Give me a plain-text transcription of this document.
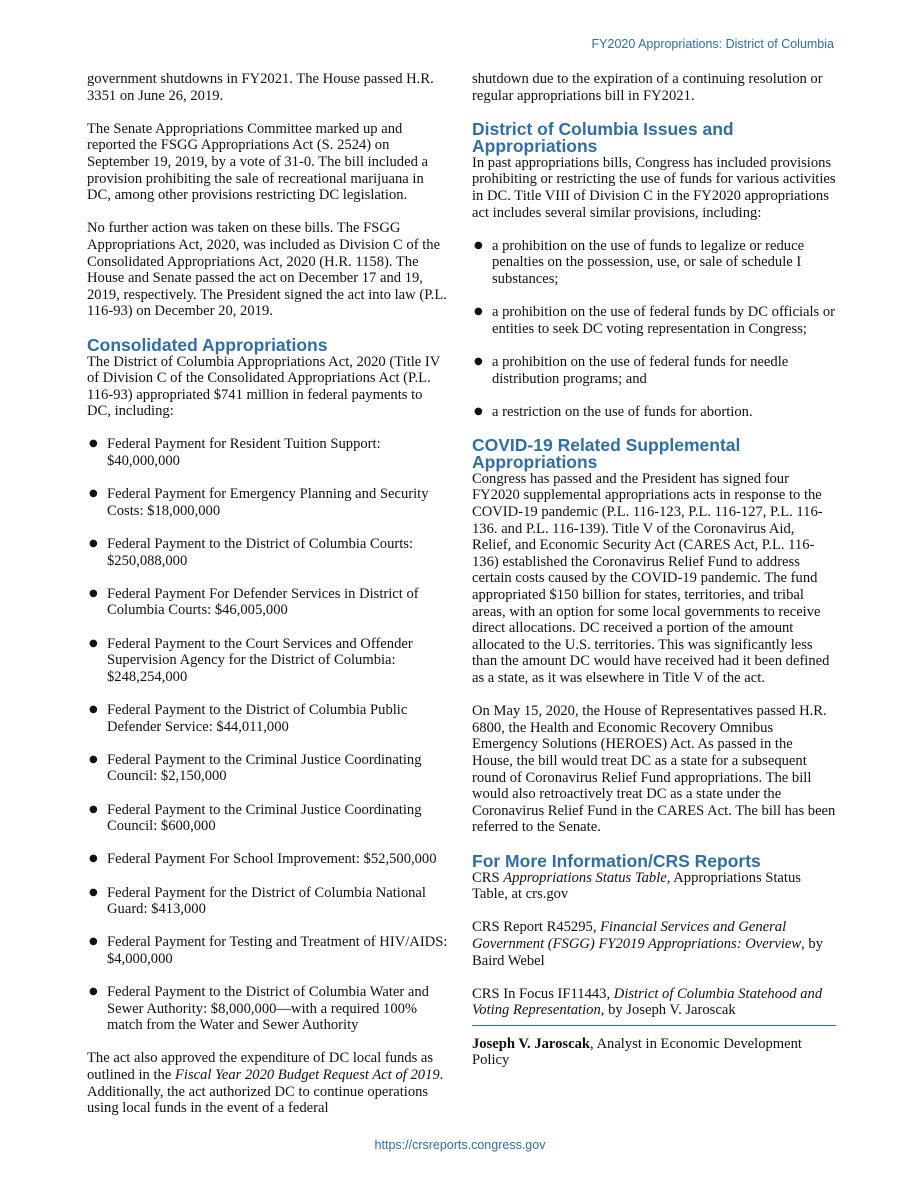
FY2020 Appropriations: District of Columbia

government shutdowns in FY2021. The House passed H.R. 3351 on June 26, 2019.

The Senate Appropriations Committee marked up and reported the FSGG Appropriations Act (S. 2524) on September 19, 2019, by a vote of 31-0. The bill included a provision prohibiting the sale of recreational marijuana in DC, among other provisions restricting DC legislation.

No further action was taken on these bills. The FSGG Appropriations Act, 2020, was included as Division C of the Consolidated Appropriations Act, 2020 (H.R. 1158). The House and Senate passed the act on December 17 and 19, 2019, respectively. The President signed the act into law (P.L. 116-93) on December 20, 2019.

Consolidated Appropriations

The District of Columbia Appropriations Act, 2020 (Title IV of Division C of the Consolidated Appropriations Act (P.L. 116-93) appropriated $741 million in federal payments to DC, including:

● Federal Payment for Resident Tuition Support: $40,000,000
● Federal Payment for Emergency Planning and Security Costs: $18,000,000
● Federal Payment to the District of Columbia Courts: $250,088,000
● Federal Payment For Defender Services in District of Columbia Courts: $46,005,000
● Federal Payment to the Court Services and Offender Supervision Agency for the District of Columbia: $248,254,000
● Federal Payment to the District of Columbia Public Defender Service: $44,011,000
● Federal Payment to the Criminal Justice Coordinating Council: $2,150,000
● Federal Payment to the Criminal Justice Coordinating Council: $600,000
● Federal Payment For School Improvement: $52,500,000
● Federal Payment for the District of Columbia National Guard: $413,000
● Federal Payment for Testing and Treatment of HIV/AIDS: $4,000,000
● Federal Payment to the District of Columbia Water and Sewer Authority: $8,000,000—with a required 100% match from the Water and Sewer Authority

The act also approved the expenditure of DC local funds as outlined in the Fiscal Year 2020 Budget Request Act of 2019. Additionally, the act authorized DC to continue operations using local funds in the event of a federal

shutdown due to the expiration of a continuing resolution or regular appropriations bill in FY2021.

District of Columbia Issues and Appropriations

In past appropriations bills, Congress has included provisions prohibiting or restricting the use of funds for various activities in DC. Title VIII of Division C in the FY2020 appropriations act includes several similar provisions, including:

● a prohibition on the use of funds to legalize or reduce penalties on the possession, use, or sale of schedule I substances;
● a prohibition on the use of federal funds by DC officials or entities to seek DC voting representation in Congress;
● a prohibition on the use of federal funds for needle distribution programs; and
● a restriction on the use of funds for abortion.
COVID-19 Related Supplemental Appropriations

Congress has passed and the President has signed four FY2020 supplemental appropriations acts in response to the COVID-19 pandemic (P.L. 116-123, P.L. 116-127, P.L. 116-136. and P.L. 116-139). Title V of the Coronavirus Aid, Relief, and Economic Security Act (CARES Act, P.L. 116-136) established the Coronavirus Relief Fund to address certain costs caused by the COVID-19 pandemic. The fund appropriated $150 billion for states, territories, and tribal areas, with an option for some local governments to receive direct allocations. DC received a portion of the amount allocated to the U.S. territories. This was significantly less than the amount DC would have received had it been defined as a state, as it was elsewhere in Title V of the act.

On May 15, 2020, the House of Representatives passed H.R. 6800, the Health and Economic Recovery Omnibus Emergency Solutions (HEROES) Act. As passed in the House, the bill would treat DC as a state for a subsequent round of Coronavirus Relief Fund appropriations. The bill would also retroactively treat DC as a state under the Coronavirus Relief Fund in the CARES Act. The bill has been referred to the Senate.

For More Information/CRS Reports

CRS Appropriations Status Table, Appropriations Status Table, at crs.gov

CRS Report R45295, Financial Services and General Government (FSGG) FY2019 Appropriations: Overview, by Baird Webel

CRS In Focus IF11443, District of Columbia Statehood and Voting Representation, by Joseph V. Jaroscak

Joseph V. Jaroscak, Analyst in Economic Development Policy

https://crsreports.congress.gov
